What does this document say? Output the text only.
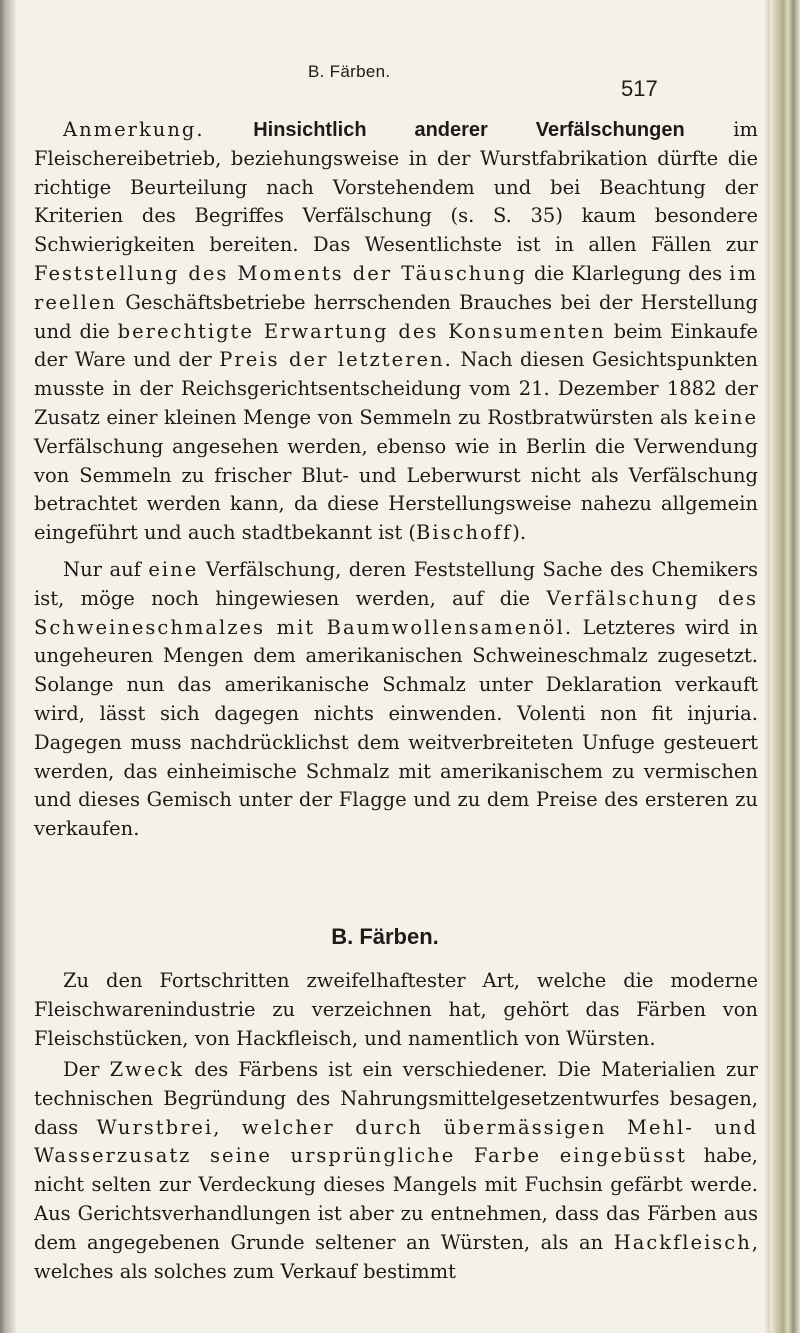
B. Färben.
517

Anmerkung. Hinsichtlich anderer Verfälschungen im Fleischereibetrieb, beziehungsweise in der Wurstfabrikation dürfte die richtige Beurteilung nach Vorstehendem und bei Beachtung der Kriterien des Begriffes Verfälschung (s. S. 35) kaum besondere Schwierigkeiten bereiten. Das Wesentlichste ist in allen Fällen zur Feststellung des Moments der Täuschung die Klarlegung des im reellen Geschäftsbetriebe herrschenden Brauches bei der Herstellung und die berechtigte Erwartung des Konsumenten beim Einkaufe der Ware und der Preis der letzteren. Nach diesen Gesichtspunkten musste in der Reichsgerichtsentscheidung vom 21. Dezember 1882 der Zusatz einer kleinen Menge von Semmeln zu Rostbratwürsten als keine Verfälschung angesehen werden, ebenso wie in Berlin die Verwendung von Semmeln zu frischer Blut- und Leberwurst nicht als Verfälschung betrachtet werden kann, da diese Herstellungsweise nahezu allgemein eingeführt und auch stadtbekannt ist (Bischoff).

Nur auf eine Verfälschung, deren Feststellung Sache des Chemikers ist, möge noch hingewiesen werden, auf die Verfälschung des Schweineschmalzes mit Baumwollensamenöl. Letzteres wird in ungeheuren Mengen dem amerikanischen Schweineschmalz zugesetzt. Solange nun das amerikanische Schmalz unter Deklaration verkauft wird, lässt sich dagegen nichts einwenden. Volenti non fit injuria. Dagegen muss nachdrücklichst dem weitverbreiteten Unfuge gesteuert werden, das einheimische Schmalz mit amerikanischem zu vermischen und dieses Gemisch unter der Flagge und zu dem Preise des ersteren zu verkaufen.

B. Färben.

Zu den Fortschritten zweifelhaftester Art, welche die moderne Fleischwarenindustrie zu verzeichnen hat, gehört das Färben von Fleischstücken, von Hackfleisch, und namentlich von Würsten.

Der Zweck des Färbens ist ein verschiedener. Die Materialien zur technischen Begründung des Nahrungsmittelgesetzentwurfes besagen, dass Wurstbrei, welcher durch übermässigen Mehl- und Wasserzusatz seine ursprüngliche Farbe eingebüsst habe, nicht selten zur Verdeckung dieses Mangels mit Fuchsin gefärbt werde. Aus Gerichtsverhandlungen ist aber zu entnehmen, dass das Färben aus dem angegebenen Grunde seltener an Würsten, als an Hackfleisch, welches als solches zum Verkauf bestimmt
